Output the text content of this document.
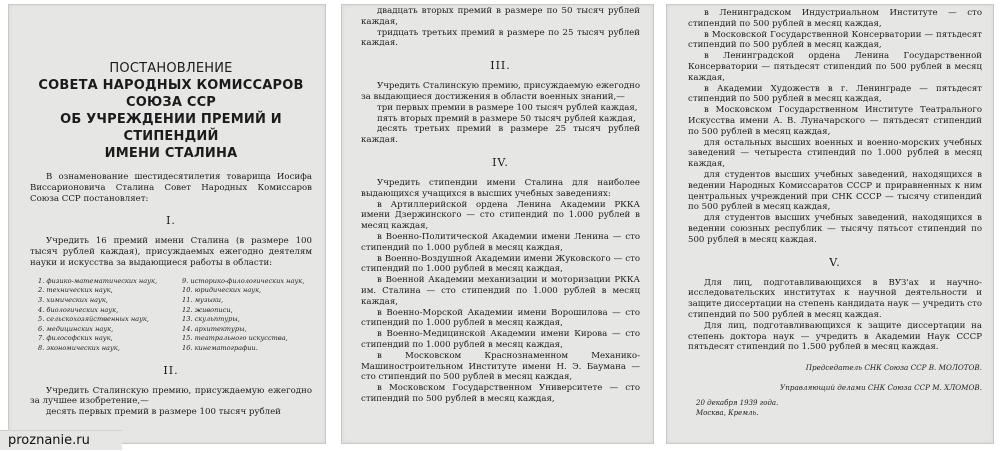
ПОСТАНОВЛЕНИЕ
СОВЕТА НАРОДНЫХ КОМИССАРОВ
СОЮЗА ССР
ОБ УЧРЕЖДЕНИИ ПРЕМИЙ И СТИПЕНДИЙ
ИМЕНИ СТАЛИНА

В ознаменование шестидесятилетия товарища Иосифа Виссарионовича Сталина Совет Народных Комиссаров Союза ССР постановляет:

I.

Учредить 16 премий имени Сталина (в размере 100 тысяч рублей каждая), присуждаемых ежегодно деятелям науки и искусства за выдающиеся работы в области:

1. физико-математических наук,
2. технических наук,
3. химических наук,
4. биологических наук,
5. сельскохозяйственных наук,
6. медицинских наук,
7. философских наук,
8. экономических наук,
9. историко-филологических наук,
10. юридических наук,
11. музыки,
12. живописи,
13. скульптуры,
14. архитектуры,
15. театрального искусства,
16. кинематографии.
II.

Учредить Сталинскую премию, присуждаемую ежегодно за лучшее изобретение,—

десять первых премий в размере 100 тысяч рублей

двадцать вторых премий в размере по 50 тысяч рублей каждая,

тридцать третьих премий в размере по 25 тысяч рублей каждая.

III.

Учредить Сталинскую премию, присуждаемую ежегодно за выдающиеся достижения в области военных знаний,—

три первых премии в размере 100 тысяч рублей каждая,

пять вторых премий в размере 50 тысяч рублей каждая,

десять третьих премий в размере 25 тысяч рублей каждая.

IV.

Учредить стипендии имени Сталина для наиболее выдающихся учащихся в высших учебных заведениях:

в Артиллерийской ордена Ленина Академии РККА имени Дзержинского — сто стипендий по 1.000 рублей в месяц каждая,

в Военно-Политической Академии имени Ленина — сто стипендий по 1.000 рублей в месяц каждая,

в Военно-Воздушной Академии имени Жуковского — сто стипендий по 1.000 рублей в месяц каждая,

в Военной Академии механизации и моторизации РККА им. Сталина — сто стипендий по 1.000 рублей в месяц каждая,

в Военно-Морской Академии имени Ворошилова — сто стипендий по 1.000 рублей в месяц каждая,

в Военно-Медицинской Академии имени Кирова — сто стипендий по 1.000 рублей в месяц каждая,

в Московском Краснознаменном Механико-Машиностроительном Институте имени Н. Э. Баумана — сто стипендий по 500 рублей в месяц каждая,

в Московском Государственном Университете — сто стипендий по 500 рублей в месяц каждая,

в Ленинградском Индустриальном Институте — сто стипендий по 500 рублей в месяц каждая,

в Московской Государственной Консерватории — пятьдесят стипендий по 500 рублей в месяц каждая,

в Ленинградской ордена Ленина Государственной Консерватории — пятьдесят стипендий по 500 рублей в месяц каждая,

в Академии Художеств в г. Ленинграде — пятьдесят стипендий по 500 рублей в месяц каждая,

в Московском Государственном Институте Театрального Искусства имени А. В. Луначарского — пятьдесят стипендий по 500 рублей в месяц каждая,

для остальных высших военных и военно-морских учебных заведений — четыреста стипендий по 1.000 рублей в месяц каждая,

для студентов высших учебных заведений, находящихся в ведении Народных Комиссаратов СССР и приравненных к ним центральных учреждений при СНК СССР — тысячу стипендий по 500 рублей в месяц каждая,

для студентов высших учебных заведений, находящихся в ведении союзных республик — тысячу пятьсот стипендий по 500 рублей в месяц каждая.

V.

Для лиц, подготавливающихся в ВУЗ'ах и научно-исследовательских институтах к научной деятельности и защите диссертации на степень кандидата наук — учредить сто стипендий по 500 рублей в месяц каждая.

Для лиц, подготавливающихся к защите диссертации на степень доктора наук — учредить в Академии Наук СССР пятьдесят стипендий по 1.500 рублей в месяц каждая.

Председатель СНК Союза ССР В. МОЛОТОВ.
Управляющий делами СНК Союза ССР М. ХЛОМОВ.
20 декабря 1939 года.
Москва, Кремль.
proznanie.ru
